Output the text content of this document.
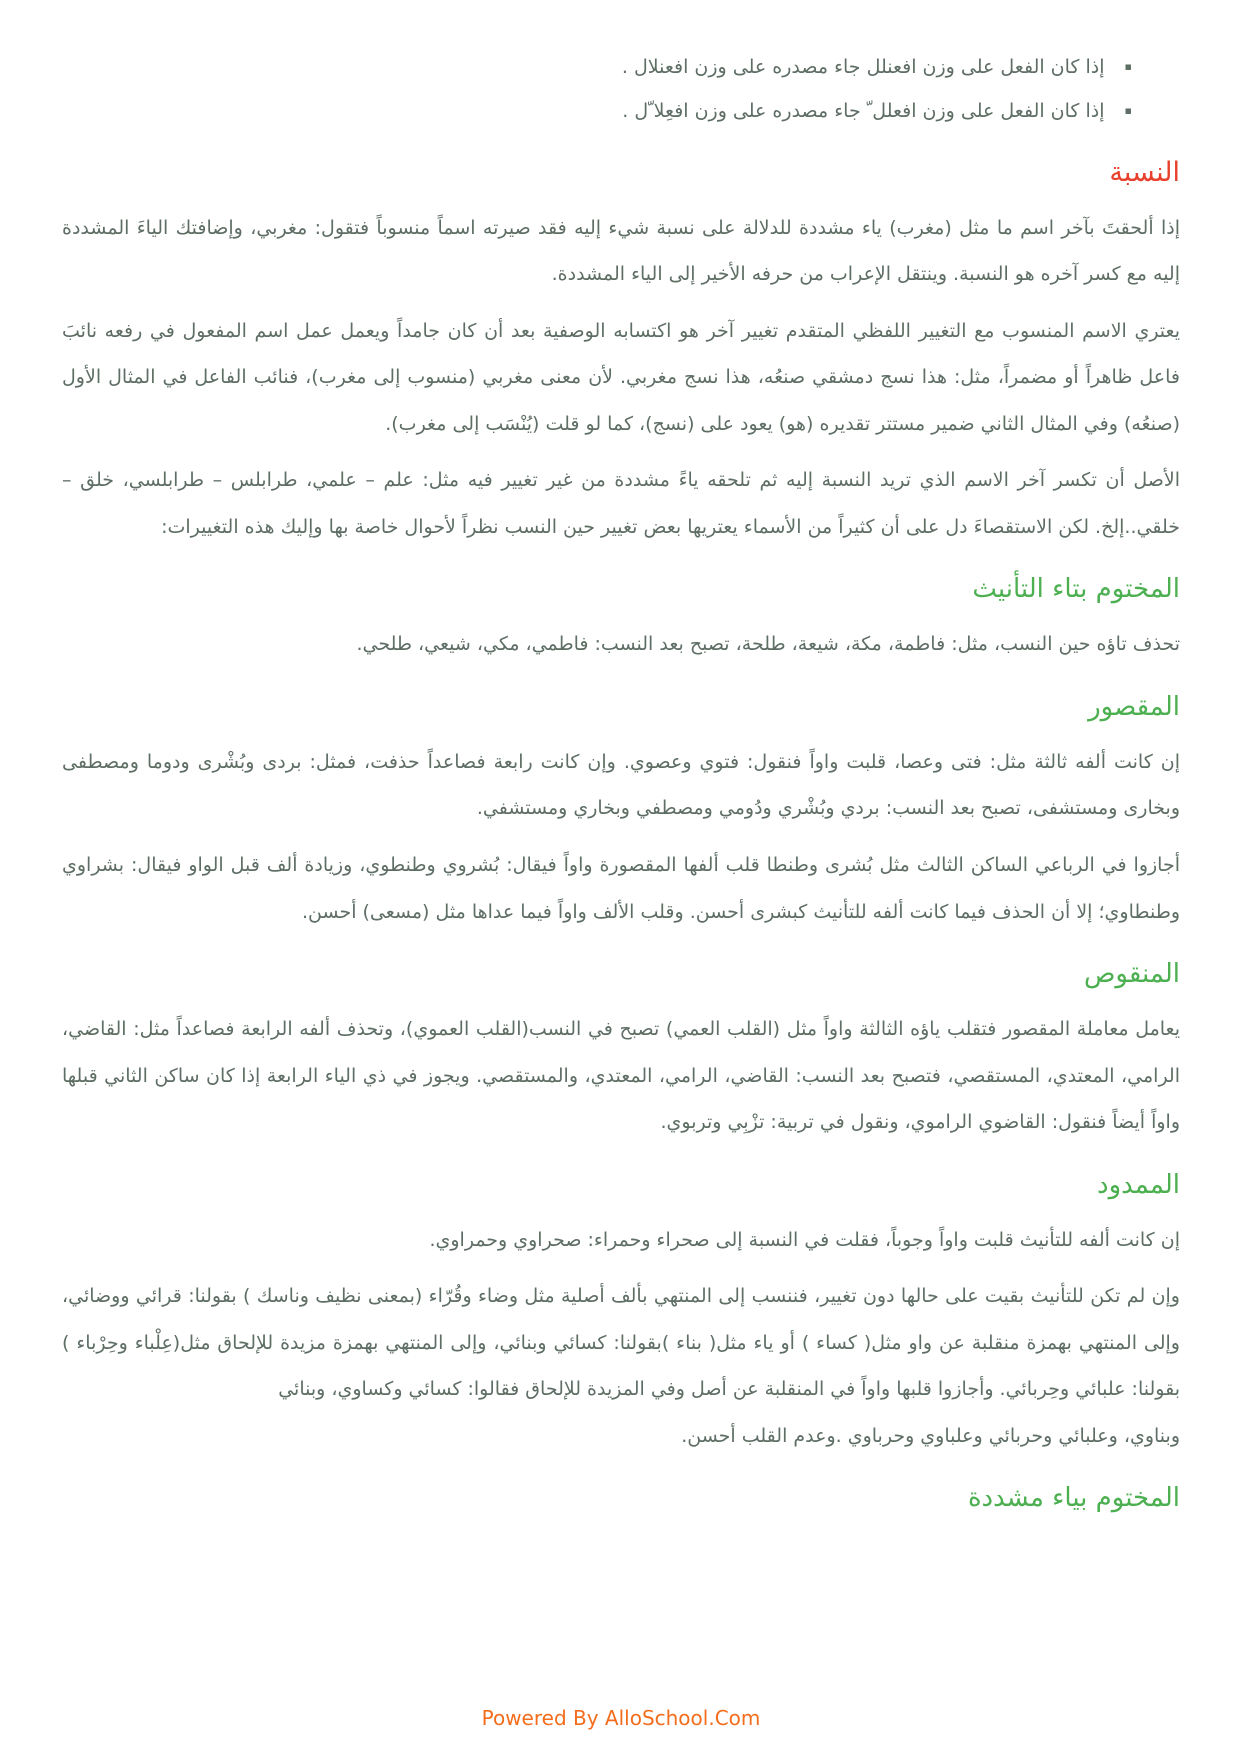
▪
إذا كان الفعل على وزن افعنلل جاء مصدره على وزن افعنلال .
▪
إذا كان الفعل على وزن افعلل ّ جاء مصدره على وزن افعِلا ّل .
النسبة

إذا ألحقتَ بآخر اسم ما مثل (مغرب) ياء مشددة للدلالة على نسبة شيء إليه فقد صيرته اسماً منسوباً فتقول: مغربي، وإضافتك الياءَ المشددة إليه مع كسر آخره هو النسبة. وينتقل الإعراب من حرفه الأخير إلى الياء المشددة.

يعتري الاسم المنسوب مع التغيير اللفظي المتقدم تغيير آخر هو اكتسابه الوصفية بعد أن كان جامداً ويعمل عمل اسم المفعول في رفعه نائبَ فاعل ظاهراً أو مضمراً، مثل: هذا نسج دمشقي صنعُه، هذا نسج مغربي. لأن معنى مغربي (منسوب إلى مغرب)، فنائب الفاعل في المثال الأول (صنعُه) وفي المثال الثاني ضمير مستتر تقديره (هو) يعود على (نسج)، كما لو قلت (يُنْسَب إلى مغرب).

الأصل أن تكسر آخر الاسم الذي تريد النسبة إليه ثم تلحقه ياءً مشددة من غير تغيير فيه مثل: علم – علمي، طرابلس – طرابلسي، خلق – خلقي..إلخ. لكن الاستقصاءَ دل على أن كثيراً من الأسماء يعتريها بعض تغيير حين النسب نظراً لأحوال خاصة بها وإليك هذه التغييرات:

المختوم بتاء التأنيث

تحذف تاؤه حين النسب، مثل: فاطمة، مكة، شيعة، طلحة، تصبح بعد النسب: فاطمي، مكي، شيعي، طلحي.

المقصور

إن كانت ألفه ثالثة مثل: فتى وعصا، قلبت واواً فنقول: فتوي وعصوي. وإن كانت رابعة فصاعداً حذفت، فمثل: بردى وبُشْرى ودوما ومصطفى وبخارى ومستشفى، تصبح بعد النسب: بردي وبُشْري ودُومي ومصطفي وبخاري ومستشفي.

أجازوا في الرباعي الساكن الثالث مثل بُشرى وطنطا قلب ألفها المقصورة واواً فيقال: بُشروي وطنطوي، وزيادة ألف قبل الواو فيقال: بشراوي وطنطاوي؛ إلا أن الحذف فيما كانت ألفه للتأنيث كبشرى أحسن. وقلب الألف واواً فيما عداها مثل (مسعى) أحسن.

المنقوص

يعامل معاملة المقصور فتقلب ياؤه الثالثة واواً مثل (القلب العمي) تصبح في النسب(القلب العموي)، وتحذف ألفه الرابعة فصاعداً مثل: القاضي، الرامي، المعتدي، المستقصي، فتصبح بعد النسب: القاضي، الرامي، المعتدي، والمستقصي. ويجوز في ذي الياء الرابعة إذا كان ساكن الثاني قبلها واواً أيضاً فنقول: القاضوي الراموي، ونقول في تربية: تزْبِي وتربوي.

الممدود

إن كانت ألفه للتأنيث قلبت واواً وجوباً، فقلت في النسبة إلى صحراء وحمراء: صحراوي وحمراوي.

وإن لم تكن للتأنيث بقيت على حالها دون تغيير، فننسب إلى المنتهي بألف أصلية مثل وضاء وقُرّاء (بمعنى نظيف وناسك ) بقولنا: قرائي ووضائي، وإلى المنتهي بهمزة منقلبة عن واو مثل( كساء ) أو ياء مثل( بناء )بقولنا: كسائي وبنائي، وإلى المنتهي بهمزة مزيدة للإلحاق مثل(عِلْباء وحِرْباء ) بقولنا: علبائي وحِربائي. وأجازوا قلبها واواً في المنقلبة عن أصل وفي المزيدة للإلحاق فقالوا: كسائي وكساوي، وبنائي
وبناوي، وعلبائي وحربائي وعلباوي وحرباوي .وعدم القلب أحسن.

المختوم بياء مشددة
Powered By AlloSchool.Com
